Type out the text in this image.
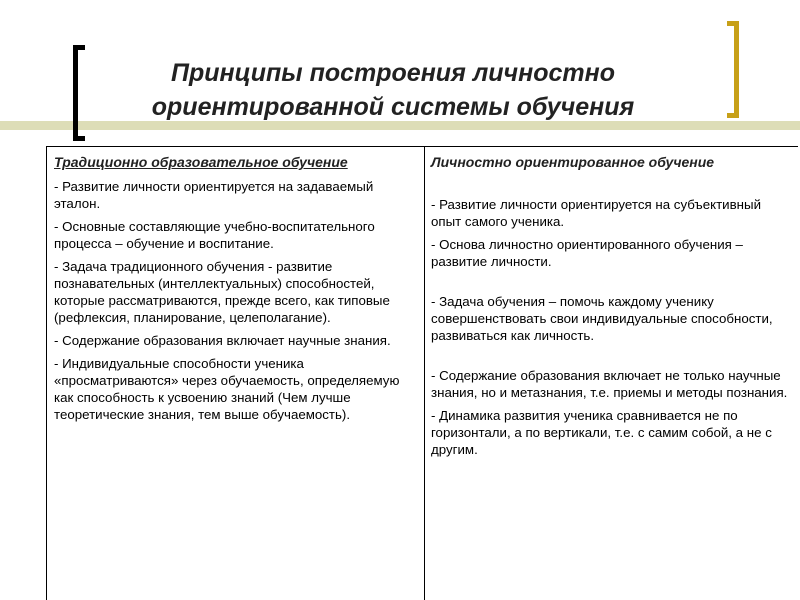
Принципы построения личностно
ориентированной системы обучения
Традиционно образовательное обучение
- Развитие личности ориентируется на задаваемый эталон.
- Основные составляющие учебно-воспитательного процесса – обучение и воспитание.
- Задача традиционного обучения - развитие познавательных (интеллектуальных) способностей, которые рассматриваются, прежде всего, как типовые (рефлексия, планирование, целеполагание).
- Содержание образования включает научные знания.
- Индивидуальные способности ученика «просматриваются» через обучаемость, определяемую как способность к усвоению знаний (Чем лучше теоретические знания, тем выше обучаемость).
Личностно ориентированное обучение
- Развитие личности ориентируется на субъективный опыт самого ученика.
- Основа личностно ориентированного обучения – развитие личности.
- Задача обучения – помочь каждому ученику совершенствовать свои индивидуальные способности, развиваться как личность.
- Содержание образования включает не только научные знания, но и метазнания, т.е. приемы и методы познания.
- Динамика развития ученика сравнивается не по горизонтали, а по вертикали, т.е. с самим собой, а не с другим.
